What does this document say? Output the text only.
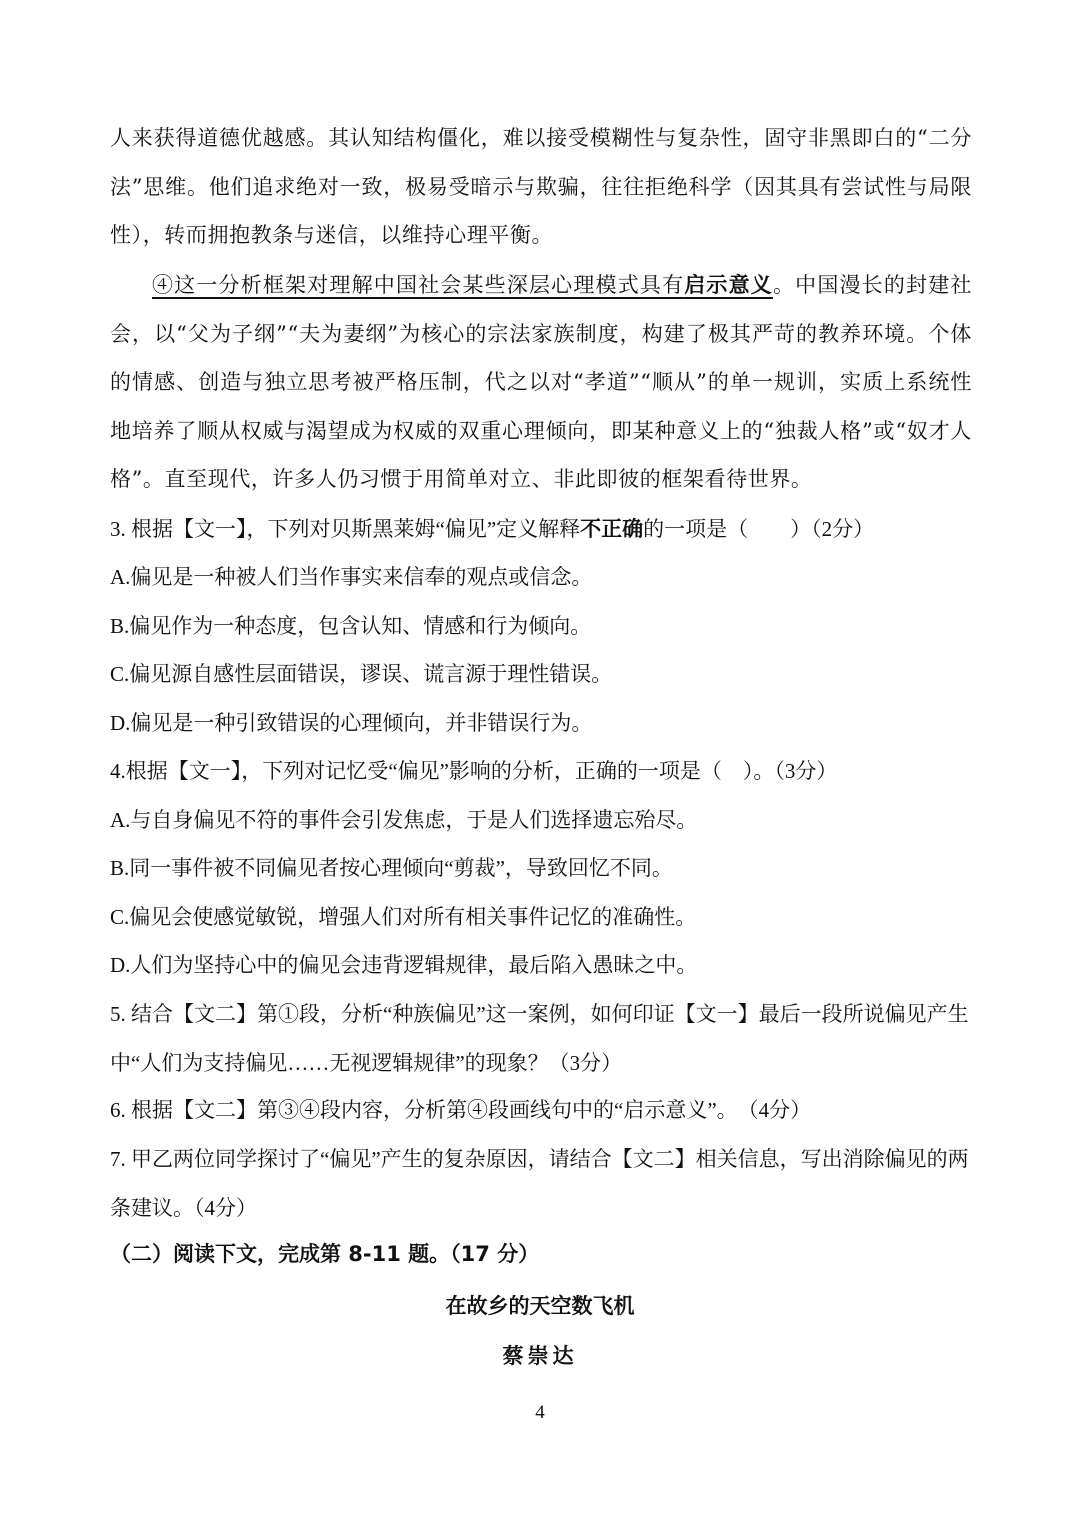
人来获得道德优越感。其认知结构僵化，难以接受模糊性与复杂性，固守非黑即白的“二分法”思维。他们追求绝对一致，极易受暗示与欺骗，往往拒绝科学（因其具有尝试性与局限性），转而拥抱教条与迷信，以维持心理平衡。

④这一分析框架对理解中国社会某些深层心理模式具有启示意义。中国漫长的封建社会，以“父为子纲”“夫为妻纲”为核心的宗法家族制度，构建了极其严苛的教养环境。个体的情感、创造与独立思考被严格压制，代之以对“孝道”“顺从”的单一规训，实质上系统性地培养了顺从权威与渴望成为权威的双重心理倾向，即某种意义上的“独裁人格”或“奴才人格”。直至现代，许多人仍习惯于用简单对立、非此即彼的框架看待世界。

3. 根据【文一】，下列对贝斯黑莱姆“偏见”定义解释不正确的一项是（　　）（2分）

A.偏见是一种被人们当作事实来信奉的观点或信念。

B.偏见作为一种态度，包含认知、情感和行为倾向。

C.偏见源自感性层面错误，谬误、谎言源于理性错误。

D.偏见是一种引致错误的心理倾向，并非错误行为。

4.根据【文一】，下列对记忆受“偏见”影响的分析，正确的一项是（　）。（3分）

A.与自身偏见不符的事件会引发焦虑，于是人们选择遗忘殆尽。

B.同一事件被不同偏见者按心理倾向“剪裁”，导致回忆不同。

C.偏见会使感觉敏锐，增强人们对所有相关事件记忆的准确性。

D.人们为坚持心中的偏见会违背逻辑规律，最后陷入愚昧之中。

5. 结合【文二】第①段，分析“种族偏见”这一案例，如何印证【文一】最后一段所说偏见产生中“人们为支持偏见……无视逻辑规律”的现象？（3分）

6. 根据【文二】第③④段内容，分析第④段画线句中的“启示意义”。　（4分）

7. 甲乙两位同学探讨了“偏见”产生的复杂原因，请结合【文二】相关信息，写出消除偏见的两条建议。（4分）

（二）阅读下文，完成第 8-11 题。（17 分）

在故乡的天空数飞机

蔡崇达

4
